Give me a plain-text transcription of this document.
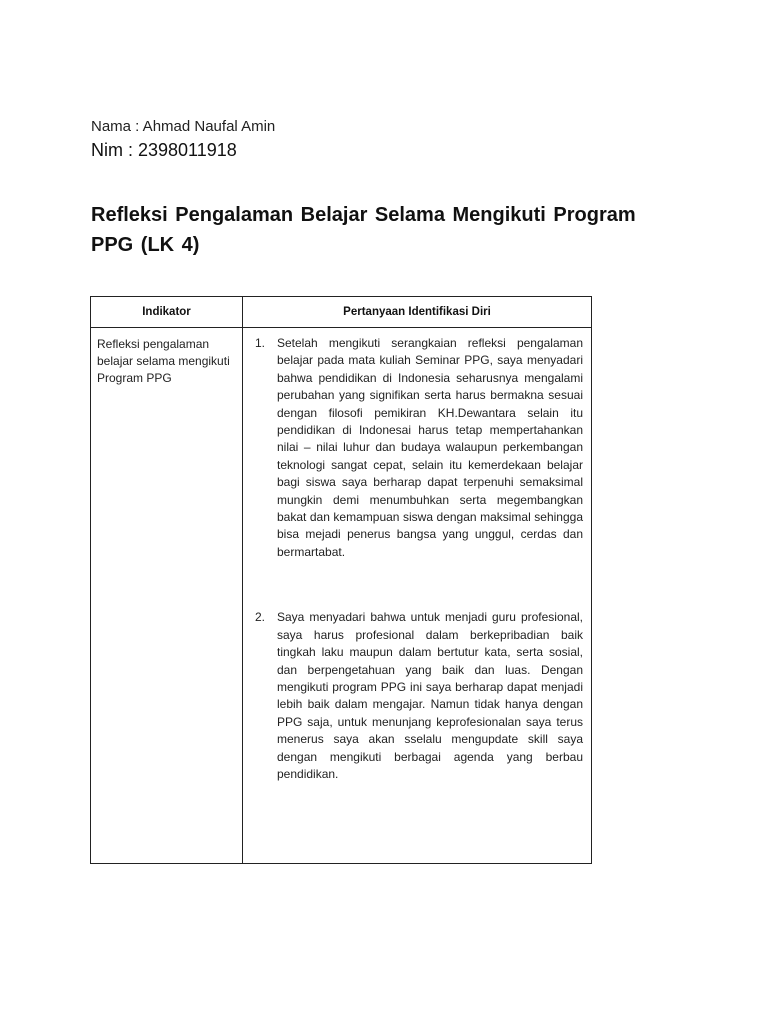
Nama : Ahmad Naufal Amin
Nim : 2398011918
Refleksi Pengalaman Belajar Selama Mengikuti Program PPG (LK 4)
Indikator	Pertanyaan Identifikasi Diri

Refleksi pengalaman belajar selama mengikuti Program PPG	1. Setelah mengikuti serangkaian refleksi pengalaman belajar pada mata kuliah Seminar PPG, saya menyadari bahwa pendidikan di Indonesia seharusnya mengalami perubahan yang signifikan serta harus bermakna sesuai dengan filosofi pemikiran KH.Dewantara selain itu pendidikan di Indonesai harus tetap mempertahankan nilai – nilai luhur dan budaya walaupun perkembangan teknologi sangat cepat, selain itu kemerdekaan belajar bagi siswa saya berharap dapat terpenuhi semaksimal mungkin demi menumbuhkan serta megembangkan bakat dan kemampuan siswa dengan maksimal sehingga bisa mejadi penerus bangsa yang unggul, cerdas dan bermartabat.
2. Saya menyadari bahwa untuk menjadi guru profesional, saya harus profesional dalam berkepribadian baik tingkah laku maupun dalam bertutur kata, serta sosial, dan berpengetahuan yang baik dan luas. Dengan mengikuti program PPG ini saya berharap dapat menjadi lebih baik dalam mengajar. Namun tidak hanya dengan PPG saja, untuk menunjang keprofesionalan saya terus menerus saya akan sselalu mengupdate skill saya dengan mengikuti berbagai agenda yang berbau pendidikan.
